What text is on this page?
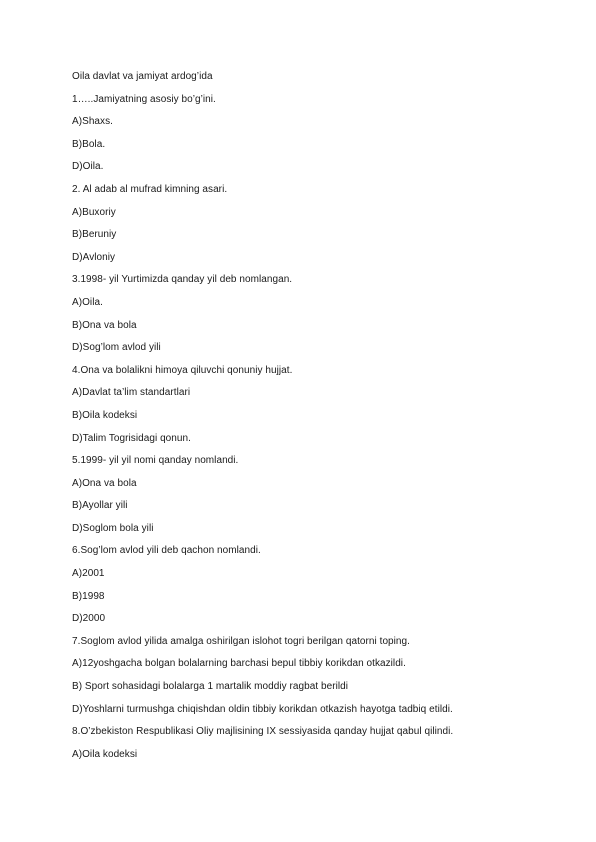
Oila davlat va jamiyat ardog’ida
1…..Jamiyatning asosiy bo’g’ini.
A)Shaxs.
B)Bola.
D)Oila.
2. Al adab al mufrad kimning asari.
A)Buxoriy
B)Beruniy
D)Avloniy
3.1998- yil Yurtimizda qanday yil deb nomlangan.
A)Oila.
B)Ona va bola
D)Sog’lom avlod yili
4.Ona va bolalikni himoya qiluvchi qonuniy hujjat.
A)Davlat ta’lim standartlari
B)Oila kodeksi
D)Talim Togrisidagi qonun.
5.1999- yil yil nomi qanday nomlandi.
A)Ona va bola
B)Ayollar yili
D)Soglom bola yili
6.Sog’lom avlod yili deb qachon nomlandi.
A)2001
B)1998
D)2000
7.Soglom avlod yilida amalga oshirilgan islohot togri berilgan qatorni toping.
A)12yoshgacha bolgan bolalarning barchasi bepul tibbiy korikdan otkazildi.
B) Sport sohasidagi bolalarga 1 martalik moddiy ragbat berildi
D)Yoshlarni turmushga chiqishdan oldin tibbiy korikdan otkazish hayotga tadbiq etildi.
8.O’zbekiston Respublikasi Oliy majlisining IX sessiyasida qanday hujjat qabul qilindi.
A)Oila kodeksi
